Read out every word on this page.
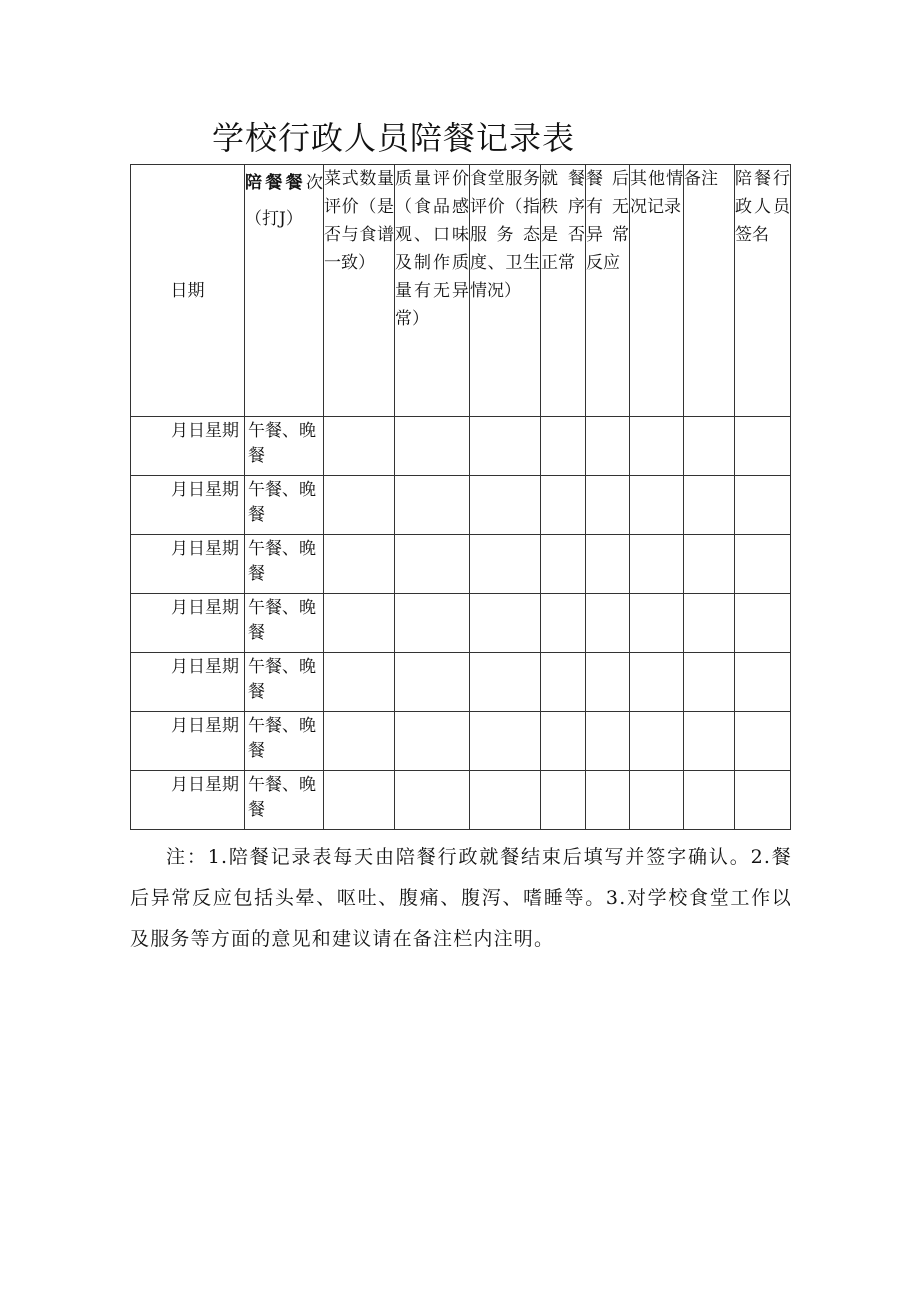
学校行政人员陪餐记录表
日期	陪餐餐次 （打J）	菜式数量评价（是否与食谱一致）	质量评价（食品感观、口味及制作质量有无异常）	食堂服务评价（指服务态度、卫生情况）	就餐秩序是否正常	餐后有无异常反应	其他情况记录	备注	陪餐行政人员签名
月日星期	午餐、晚餐								
月日星期	午餐、晚餐								
月日星期	午餐、晚餐								
月日星期	午餐、晚餐								
月日星期	午餐、晚餐								
月日星期	午餐、晚餐								
月日星期	午餐、晚餐								

注：1.陪餐记录表每天由陪餐行政就餐结束后填写并签字确认。2.餐后异常反应包括头晕、呕吐、腹痛、腹泻、嗜睡等。3.对学校食堂工作以及服务等方面的意见和建议请在备注栏内注明。
